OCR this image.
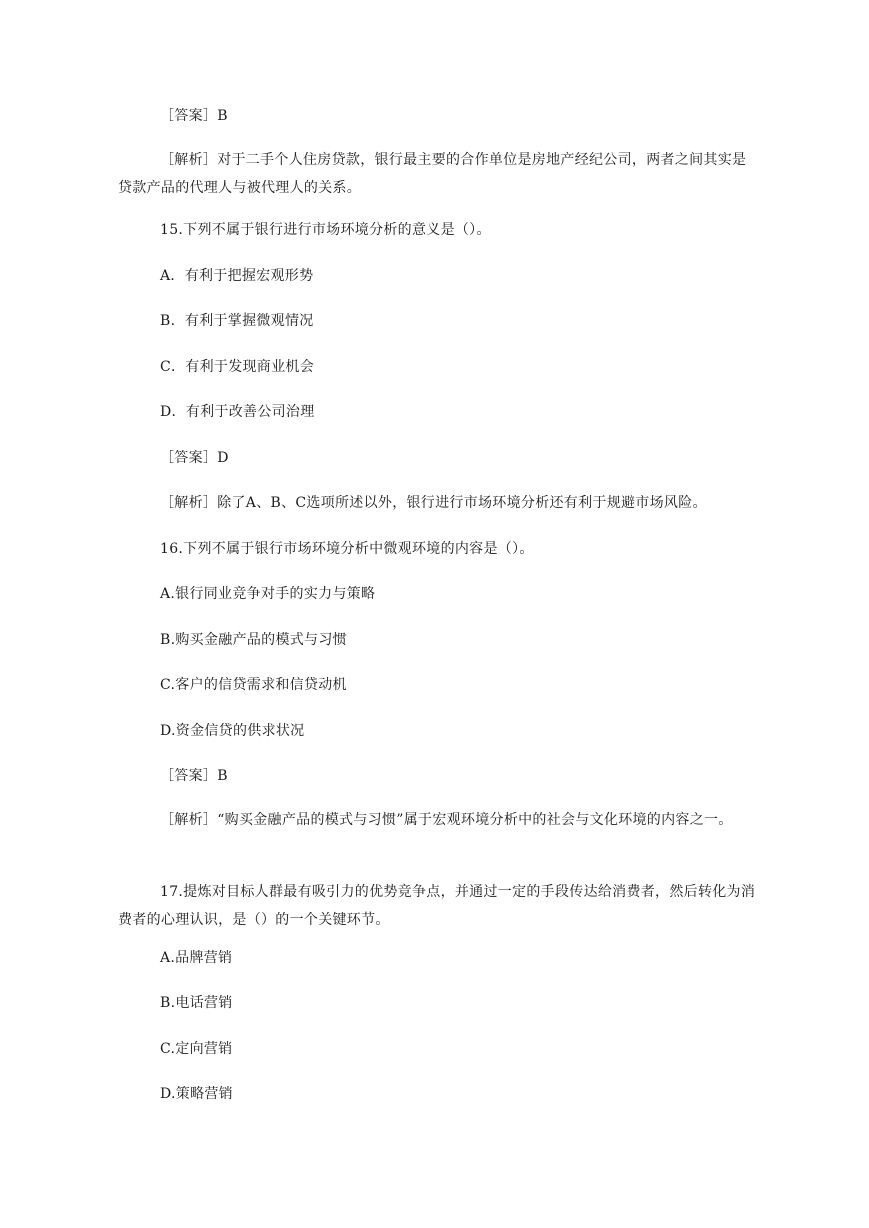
［答案］B
［解析］对于二手个人住房贷款，银行最主要的合作单位是房地产经纪公司，两者之间其实是贷款产品的代理人与被代理人的关系。
15.下列不属于银行进行市场环境分析的意义是（）。
A．有利于把握宏观形势
B．有利于掌握微观情况
C．有利于发现商业机会
D．有利于改善公司治理
［答案］D
［解析］除了A、B、C选项所述以外，银行进行市场环境分析还有利于规避市场风险。
16.下列不属于银行市场环境分析中微观环境的内容是（）。
A.银行同业竞争对手的实力与策略
B.购买金融产品的模式与习惯
C.客户的信贷需求和信贷动机
D.资金信贷的供求状况
［答案］B
［解析］“购买金融产品的模式与习惯”属于宏观环境分析中的社会与文化环境的内容之一。
17.提炼对目标人群最有吸引力的优势竞争点，并通过一定的手段传达给消费者，然后转化为消费者的心理认识，是（）的一个关键环节。
A.品牌营销
B.电话营销
C.定向营销
D.策略营销
